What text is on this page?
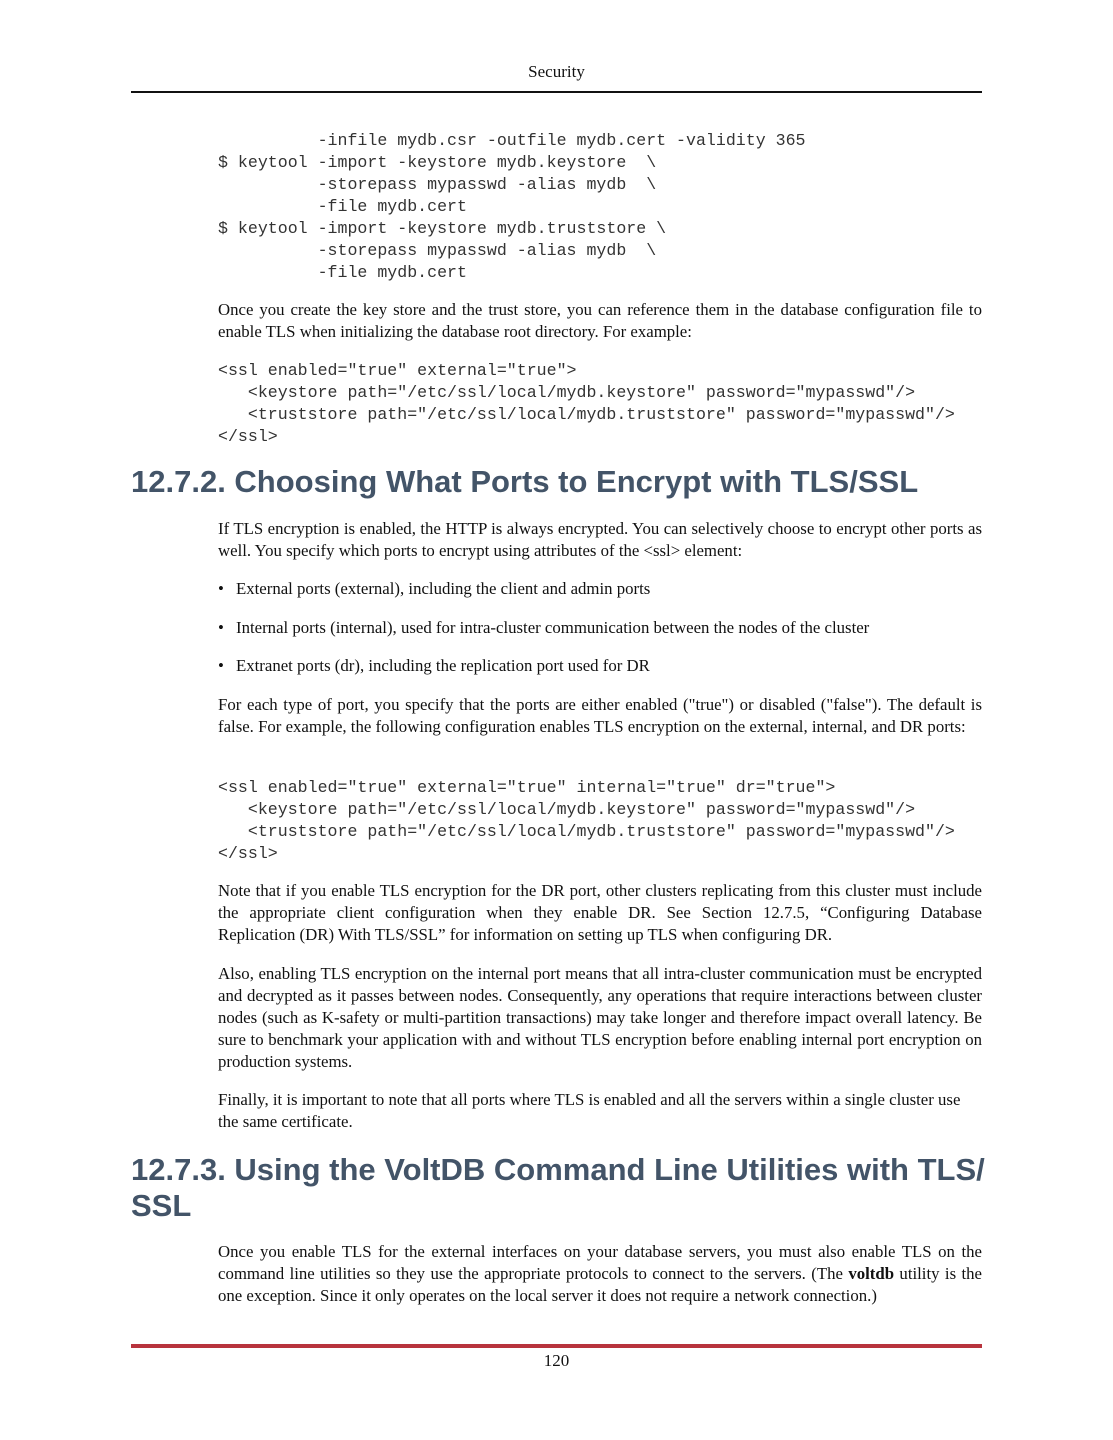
Security
-infile mydb.csr -outfile mydb.cert -validity 365
$ keytool -import -keystore mydb.keystore  \
-storepass mypasswd -alias mydb  \
-file mydb.cert
$ keytool -import -keystore mydb.truststore \
-storepass mypasswd -alias mydb  \
-file mydb.cert

Once you create the key store and the trust store, you can reference them in the database configuration file to enable TLS when initializing the database root directory. For example:

<ssl enabled="true" external="true">
<keystore path="/etc/ssl/local/mydb.keystore" password="mypasswd"/>
<truststore path="/etc/ssl/local/mydb.truststore" password="mypasswd"/>
</ssl>
12.7.2. Choosing What Ports to Encrypt with TLS/SSL

If TLS encryption is enabled, the HTTP is always encrypted. You can selectively choose to encrypt other ports as well. You specify which ports to encrypt using attributes of the <ssl> element:

• External ports (external), including the client and admin ports
• Internal ports (internal), used for intra-cluster communication between the nodes of the cluster
• Extranet ports (dr), including the replication port used for DR

For each type of port, you specify that the ports are either enabled ("true") or disabled ("false"). The default is false. For example, the following configuration enables TLS encryption on the external, internal, and DR ports:

<ssl enabled="true" external="true" internal="true" dr="true">
<keystore path="/etc/ssl/local/mydb.keystore" password="mypasswd"/>
<truststore path="/etc/ssl/local/mydb.truststore" password="mypasswd"/>
</ssl>

Note that if you enable TLS encryption for the DR port, other clusters replicating from this cluster must include the appropriate client configuration when they enable DR. See Section 12.7.5, “Configuring Database Replication (DR) With TLS/SSL” for information on setting up TLS when configuring DR.

Also, enabling TLS encryption on the internal port means that all intra-cluster communication must be encrypted and decrypted as it passes between nodes. Consequently, any operations that require interactions between cluster nodes (such as K-safety or multi-partition transactions) may take longer and therefore impact overall latency. Be sure to benchmark your application with and without TLS encryption before enabling internal port encryption on production systems.

Finally, it is important to note that all ports where TLS is enabled and all the servers within a single cluster use the same certificate.

12.7.3. Using the VoltDB Command Line Utilities with TLS/
SSL

Once you enable TLS for the external interfaces on your database servers, you must also enable TLS on the command line utilities so they use the appropriate protocols to connect to the servers. (The voltdb utility is the one exception. Since it only operates on the local server it does not require a network connection.)

120
